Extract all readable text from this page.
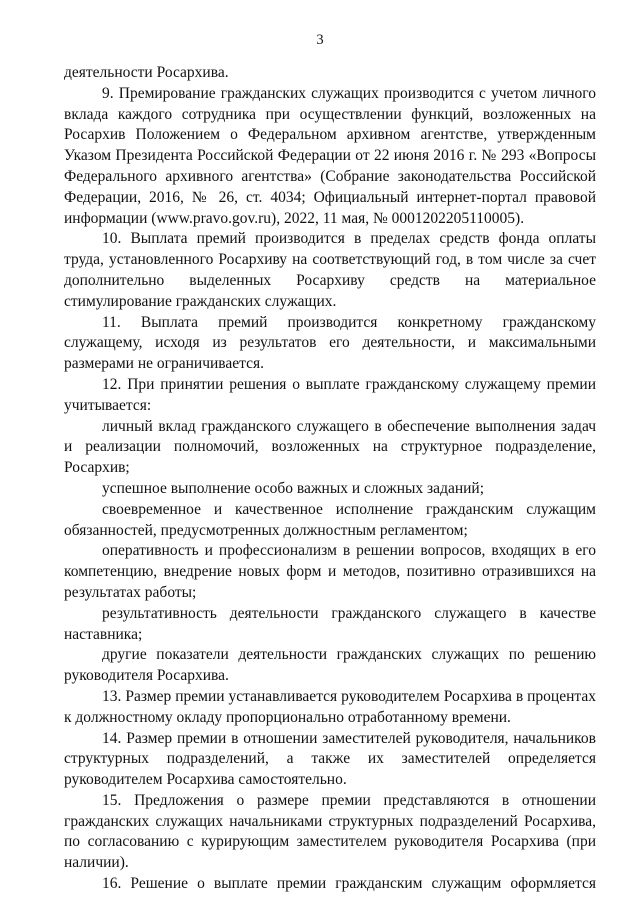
3

деятельности Росархива.

9. Премирование гражданских служащих производится с учетом личного вклада каждого сотрудника при осуществлении функций, возложенных на Росархив Положением о Федеральном архивном агентстве, утвержденным Указом Президента Российской Федерации от 22 июня 2016 г. № 293 «Вопросы Федерального архивного агентства» (Собрание законодательства Российской Федерации, 2016, № 26, ст. 4034; Официальный интернет-портал правовой информации (www.pravo.gov.ru), 2022, 11 мая, № 0001202205110005).

10. Выплата премий производится в пределах средств фонда оплаты труда, установленного Росархиву на соответствующий год, в том числе за счет дополнительно выделенных Росархиву средств на материальное стимулирование гражданских служащих.

11. Выплата премий производится конкретному гражданскому служащему, исходя из результатов его деятельности, и максимальными размерами не ограничивается.

12. При принятии решения о выплате гражданскому служащему премии учитывается:

личный вклад гражданского служащего в обеспечение выполнения задач и реализации полномочий, возложенных на структурное подразделение, Росархив;

успешное выполнение особо важных и сложных заданий;

своевременное и качественное исполнение гражданским служащим обязанностей, предусмотренных должностным регламентом;

оперативность и профессионализм в решении вопросов, входящих в его компетенцию, внедрение новых форм и методов, позитивно отразившихся на результатах работы;

результативность деятельности гражданского служащего в качестве наставника;

другие показатели деятельности гражданских служащих по решению руководителя Росархива.

13. Размер премии устанавливается руководителем Росархива в процентах к должностному окладу пропорционально отработанному времени.

14. Размер премии в отношении заместителей руководителя, начальников структурных подразделений, а также их заместителей определяется руководителем Росархива самостоятельно.

15. Предложения о размере премии представляются в отношении гражданских служащих начальниками структурных подразделений Росархива, по согласованию с курирующим заместителем руководителя Росархива (при наличии).

16. Решение о выплате премии гражданским служащим оформляется
